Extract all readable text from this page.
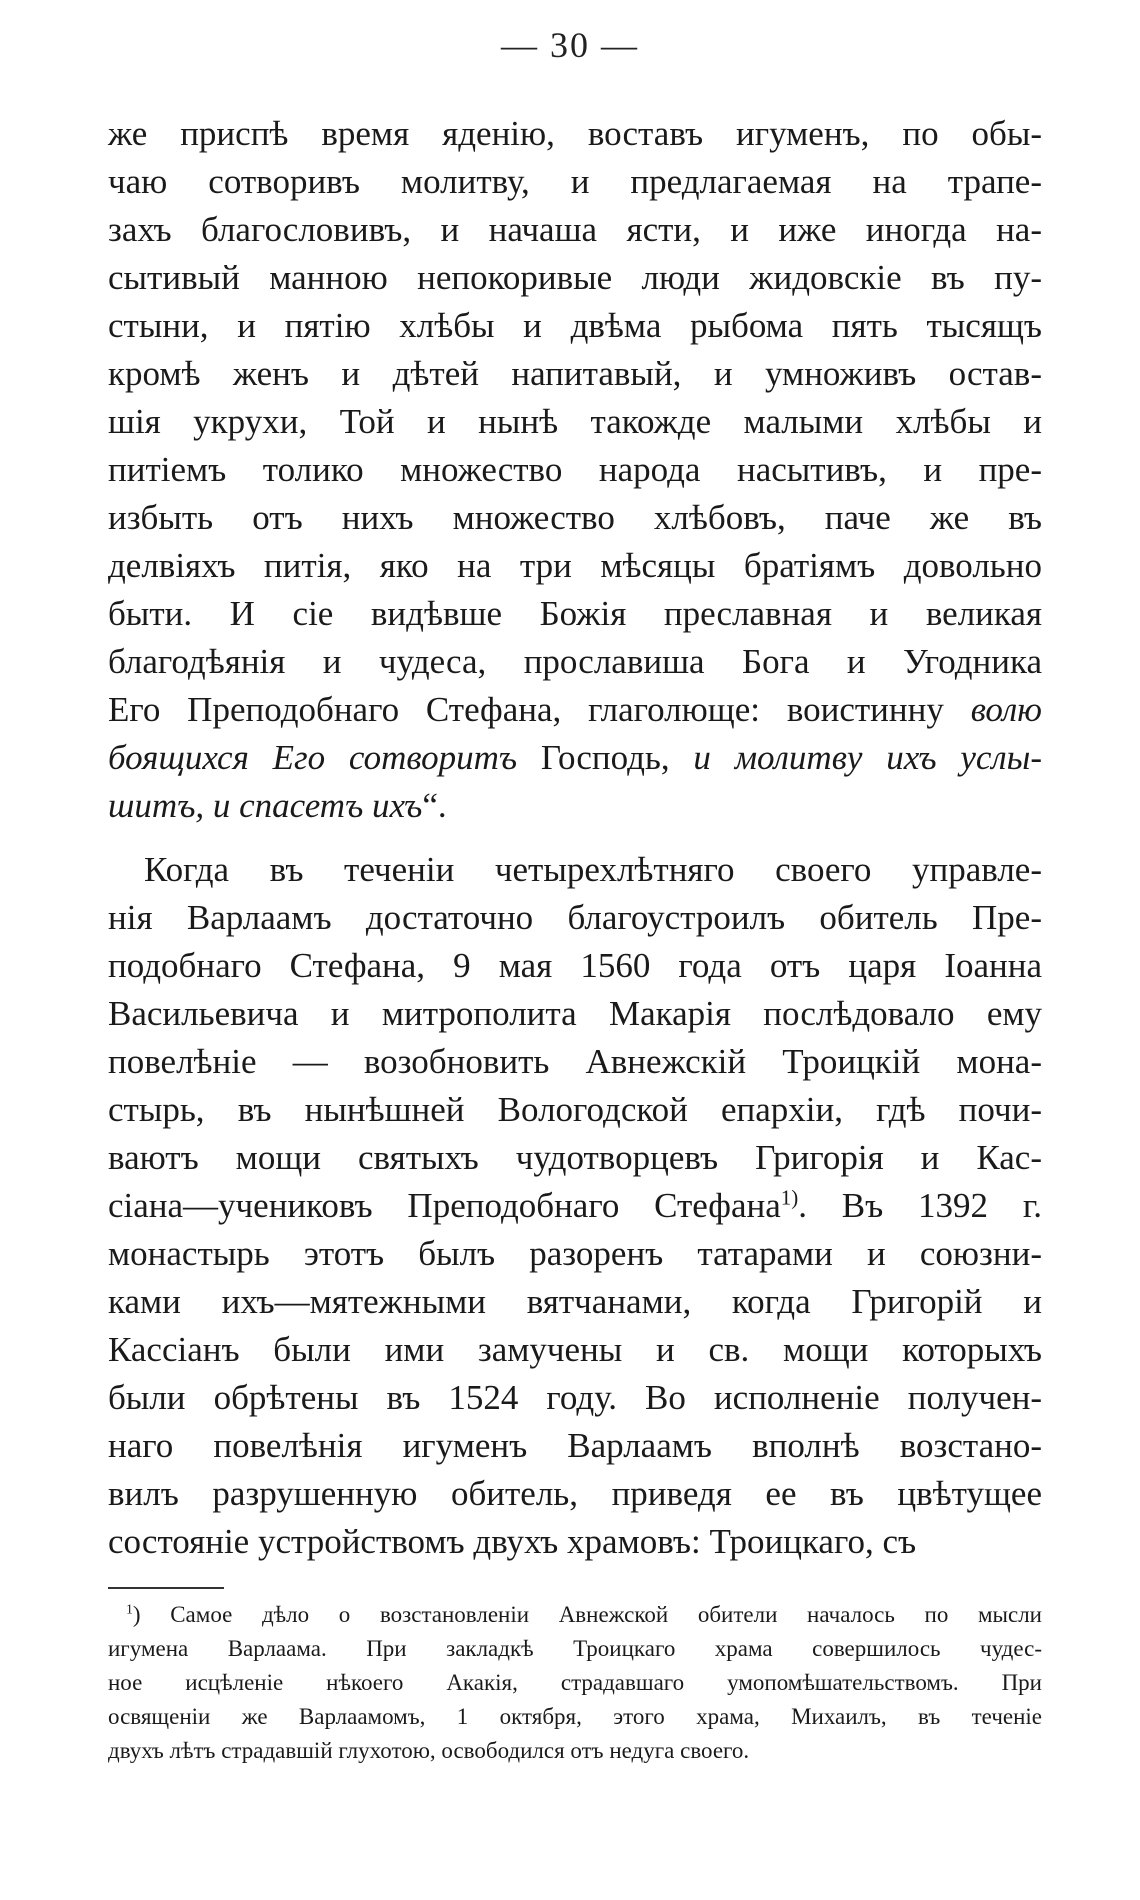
— 30 —
же приспѣ время яденію, воставъ игуменъ, по обы-
чаю сотворивъ молитву, и предлагаемая на трапе-
захъ благословивъ, и начаша ясти, и иже иногда на-
сытивый манною непокоривые люди жидовскіе въ пу-
стыни, и пятію хлѣбы и двѣма рыбома пять тысящъ
кромѣ женъ и дѣтей напитавый, и умноживъ остав-
шія укрухи, Той и нынѣ такожде малыми хлѣбы и
питіемъ толико множество народа насытивъ, и пре-
избыть отъ нихъ множество хлѣбовъ, паче же въ
делвіяхъ питія, яко на три мѣсяцы братіямъ довольно
быти. И сіе видѣвше Божія преславная и великая
благодѣянія и чудеса, прославиша Бога и Угодника
Его Преподобнаго Стефана, глаголюще: воистинну волю
боящихся Его сотворитъ Господь, и молитву ихъ услы-
шитъ, и спасетъ ихъ“.
Когда въ теченіи четырехлѣтняго своего управле-
нія Варлаамъ достаточно благоустроилъ обитель Пре-
подобнаго Стефана, 9 мая 1560 года отъ царя Іоанна
Васильевича и митрополита Макарія послѣдовало ему
повелѣніе — возобновить Авнежскій Троицкій мона-
стырь, въ нынѣшней Вологодской епархіи, гдѣ почи-
ваютъ мощи святыхъ чудотворцевъ Григорія и Кас-
сіана—учениковъ Преподобнаго Стефана$^{1)}$. Въ 1392 г.
монастырь этотъ былъ разоренъ татарами и союзни-
ками ихъ—мятежными вятчанами, когда Григорій и
Кассіанъ были ими замучены и св. мощи которыхъ
были обрѣтены въ 1524 году. Во исполненіе получен-
наго повелѣнія игуменъ Варлаамъ вполнѣ возстано-
вилъ разрушенную обитель, приведя ее въ цвѣтущее
состояніе устройствомъ двухъ храмовъ: Троицкаго, съ
$^1$) Самое дѣло о возстановленіи Авнежской обители началось по мысли
игумена Варлаама. При закладкѣ Троицкаго храма совершилось чудес-
ное исцѣленіе нѣкоего Акакія, страдавшаго умопомѣшательствомъ. При
освященіи же Варлаамомъ, 1 октября, этого храма, Михаилъ, въ теченіе
двухъ лѣтъ страдавшій глухотою, освободился отъ недуга своего.
